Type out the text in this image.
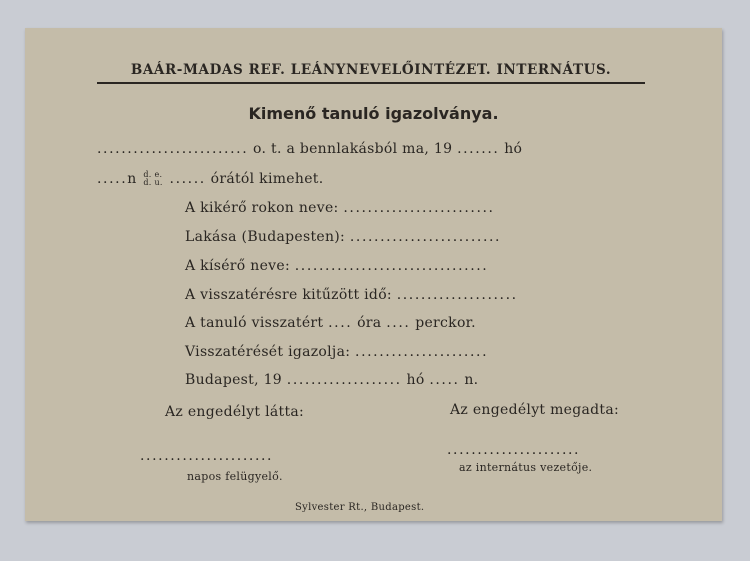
BAÁR-MADAS REF. LEÁNYNEVELŐINTÉZET. INTERNÁTUS.
Kimenő tanuló igazolványa.
......................... o. t. a bennlakásból ma, 19 ....... hó
.....n d. e.
d. u. ...... órától kimehet.
A kikérő rokon neve: .........................
Lakása (Budapesten): .........................
A kísérő neve: ................................
A visszatérésre kitűzött idő: ....................
A tanuló visszatért .... óra .... perckor.
Visszatérését igazolja: ......................
Budapest, 19 ................... hó ..... n.
Az engedélyt látta:	Az engedélyt megadta:
......................	......................
napos felügyelő.
az internátus vezetője.
Sylvester Rt., Budapest.
